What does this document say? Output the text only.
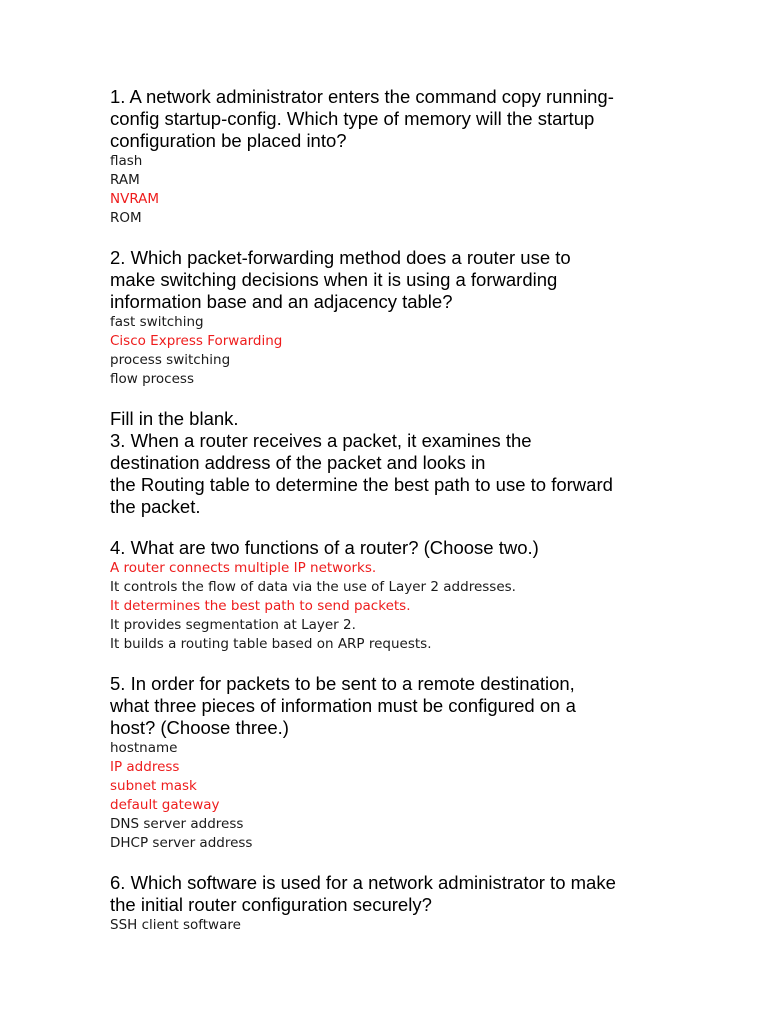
1. A network administrator enters the command copy running-
config startup-config. Which type of memory will the startup
configuration be placed into?

flash

RAM

NVRAM

ROM

2. Which packet-forwarding method does a router use to
make switching decisions when it is using a forwarding
information base and an adjacency table?

fast switching

Cisco Express Forwarding

process switching

flow process

Fill in the blank.
3. When a router receives a packet, it examines the
destination address of the packet and looks in
the Routing table to determine the best path to use to forward
the packet.

4. What are two functions of a router? (Choose two.)

A router connects multiple IP networks.

It controls the flow of data via the use of Layer 2 addresses.

It determines the best path to send packets.

It provides segmentation at Layer 2.

It builds a routing table based on ARP requests.

5. In order for packets to be sent to a remote destination,
what three pieces of information must be configured on a
host? (Choose three.)

hostname

IP address

subnet mask

default gateway

DNS server address

DHCP server address

6. Which software is used for a network administrator to make
the initial router configuration securely?

SSH client software
